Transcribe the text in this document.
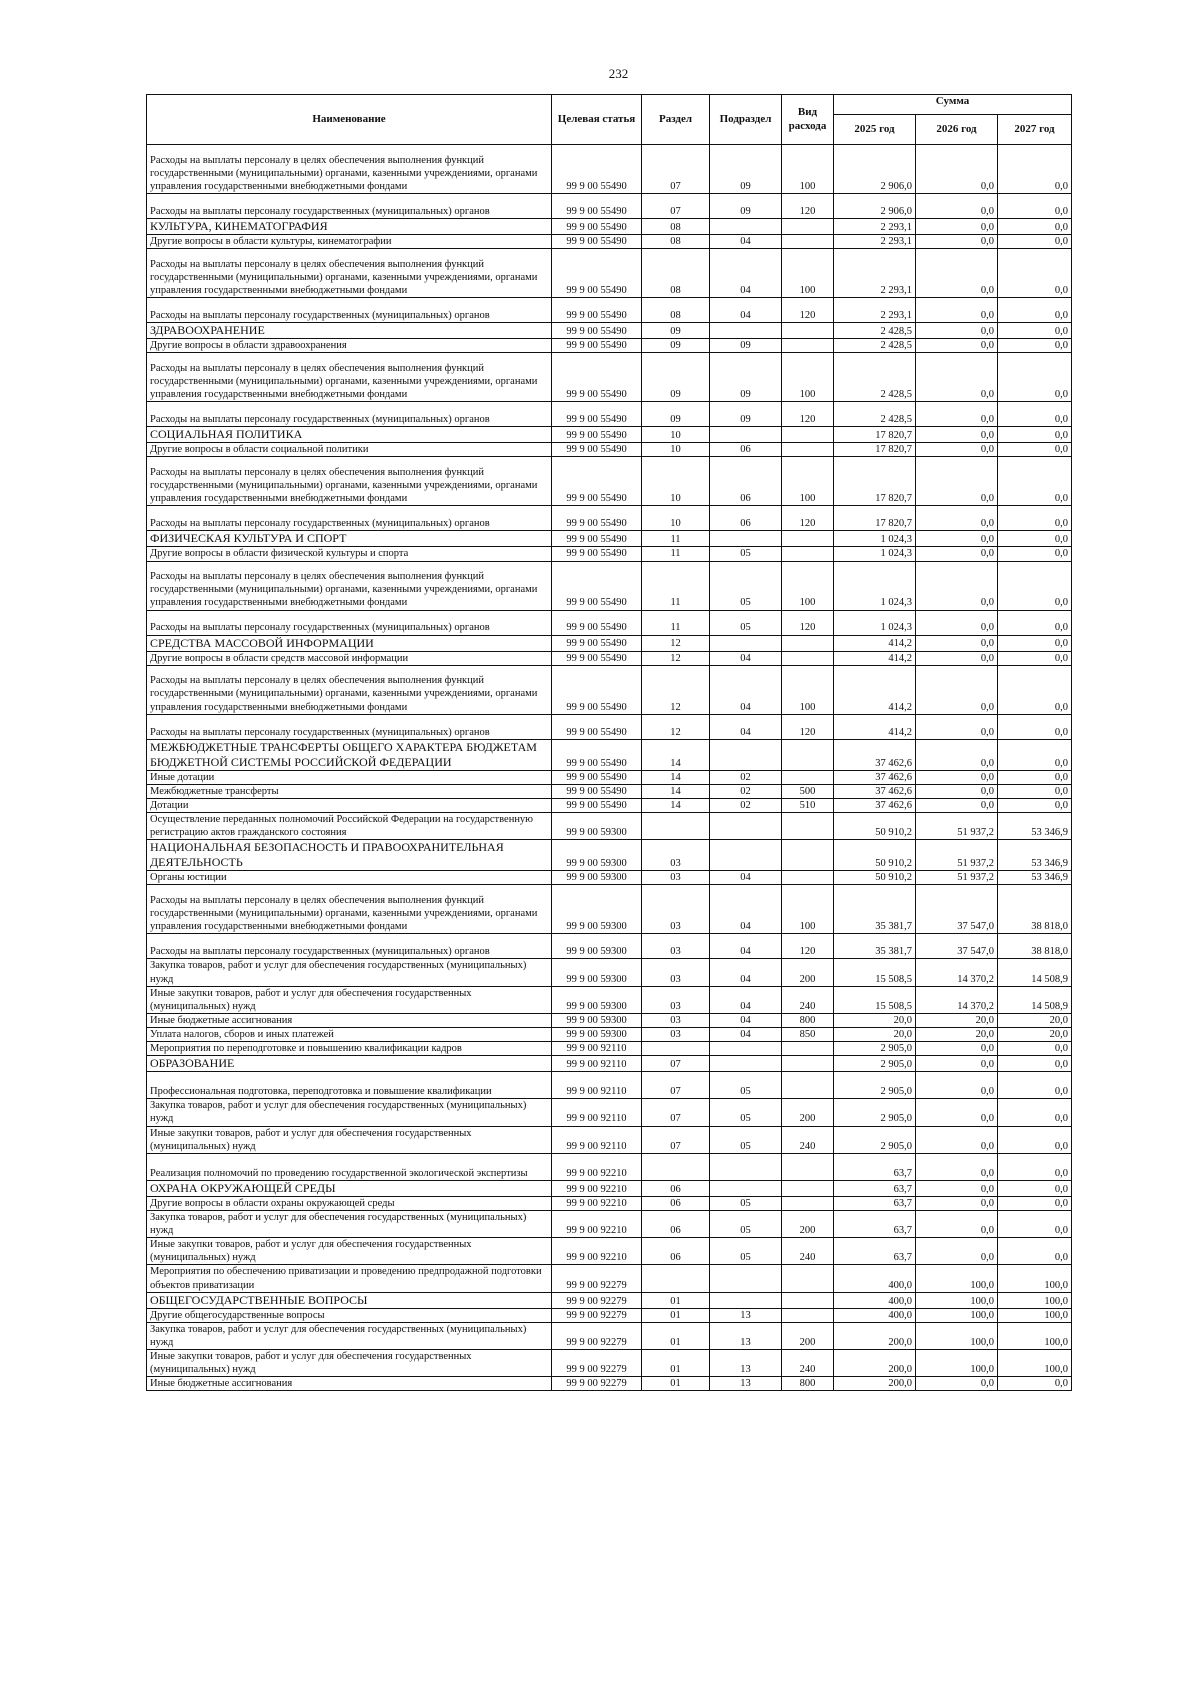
232
Наименование	Целевая статья	Раздел	Подраздел	Вид расхода	Сумма		
					2025 год	2026 год	2027 год
Расходы на выплаты персоналу в целях обеспечения выполнения функций государственными (муниципальными) органами, казенными учреждениями, органами управления государственными внебюджетными фондами	99 9 00 55490	07	09	100	2 906,0	0,0	0,0
Расходы на выплаты персоналу государственных (муниципальных) органов	99 9 00 55490	07	09	120	2 906,0	0,0	0,0
КУЛЬТУРА, КИНЕМАТОГРАФИЯ	99 9 00 55490	08			2 293,1	0,0	0,0
Другие вопросы в области культуры, кинематографии	99 9 00 55490	08	04		2 293,1	0,0	0,0
Расходы на выплаты персоналу в целях обеспечения выполнения функций государственными (муниципальными) органами, казенными учреждениями, органами управления государственными внебюджетными фондами	99 9 00 55490	08	04	100	2 293,1	0,0	0,0
Расходы на выплаты персоналу государственных (муниципальных) органов	99 9 00 55490	08	04	120	2 293,1	0,0	0,0
ЗДРАВООХРАНЕНИЕ	99 9 00 55490	09			2 428,5	0,0	0,0
Другие вопросы в области здравоохранения	99 9 00 55490	09	09		2 428,5	0,0	0,0
Расходы на выплаты персоналу в целях обеспечения выполнения функций государственными (муниципальными) органами, казенными учреждениями, органами управления государственными внебюджетными фондами	99 9 00 55490	09	09	100	2 428,5	0,0	0,0
Расходы на выплаты персоналу государственных (муниципальных) органов	99 9 00 55490	09	09	120	2 428,5	0,0	0,0
СОЦИАЛЬНАЯ ПОЛИТИКА	99 9 00 55490	10			17 820,7	0,0	0,0
Другие вопросы в области социальной политики	99 9 00 55490	10	06		17 820,7	0,0	0,0
Расходы на выплаты персоналу в целях обеспечения выполнения функций государственными (муниципальными) органами, казенными учреждениями, органами управления государственными внебюджетными фондами	99 9 00 55490	10	06	100	17 820,7	0,0	0,0
Расходы на выплаты персоналу государственных (муниципальных) органов	99 9 00 55490	10	06	120	17 820,7	0,0	0,0
ФИЗИЧЕСКАЯ КУЛЬТУРА И СПОРТ	99 9 00 55490	11			1 024,3	0,0	0,0
Другие вопросы в области физической культуры и спорта	99 9 00 55490	11	05		1 024,3	0,0	0,0
Расходы на выплаты персоналу в целях обеспечения выполнения функций государственными (муниципальными) органами, казенными учреждениями, органами управления государственными внебюджетными фондами	99 9 00 55490	11	05	100	1 024,3	0,0	0,0
Расходы на выплаты персоналу государственных (муниципальных) органов	99 9 00 55490	11	05	120	1 024,3	0,0	0,0
СРЕДСТВА МАССОВОЙ ИНФОРМАЦИИ	99 9 00 55490	12			414,2	0,0	0,0
Другие вопросы в области средств массовой информации	99 9 00 55490	12	04		414,2	0,0	0,0
Расходы на выплаты персоналу в целях обеспечения выполнения функций государственными (муниципальными) органами, казенными учреждениями, органами управления государственными внебюджетными фондами	99 9 00 55490	12	04	100	414,2	0,0	0,0
Расходы на выплаты персоналу государственных (муниципальных) органов	99 9 00 55490	12	04	120	414,2	0,0	0,0
МЕЖБЮДЖЕТНЫЕ ТРАНСФЕРТЫ ОБЩЕГО ХАРАКТЕРА БЮДЖЕТАМ БЮДЖЕТНОЙ СИСТЕМЫ РОССИЙСКОЙ ФЕДЕРАЦИИ	99 9 00 55490	14			37 462,6	0,0	0,0
Иные дотации	99 9 00 55490	14	02		37 462,6	0,0	0,0
Межбюджетные трансферты	99 9 00 55490	14	02	500	37 462,6	0,0	0,0
Дотации	99 9 00 55490	14	02	510	37 462,6	0,0	0,0
Осуществление переданных полномочий Российской Федерации на государственную регистрацию актов гражданского состояния	99 9 00 59300				50 910,2	51 937,2	53 346,9
НАЦИОНАЛЬНАЯ БЕЗОПАСНОСТЬ И ПРАВООХРАНИТЕЛЬНАЯ ДЕЯТЕЛЬНОСТЬ	99 9 00 59300	03			50 910,2	51 937,2	53 346,9
Органы юстиции	99 9 00 59300	03	04		50 910,2	51 937,2	53 346,9
Расходы на выплаты персоналу в целях обеспечения выполнения функций государственными (муниципальными) органами, казенными учреждениями, органами управления государственными внебюджетными фондами	99 9 00 59300	03	04	100	35 381,7	37 547,0	38 818,0
Расходы на выплаты персоналу государственных (муниципальных) органов	99 9 00 59300	03	04	120	35 381,7	37 547,0	38 818,0
Закупка товаров, работ и услуг для обеспечения государственных (муниципальных) нужд	99 9 00 59300	03	04	200	15 508,5	14 370,2	14 508,9
Иные закупки товаров, работ и услуг для обеспечения государственных (муниципальных) нужд	99 9 00 59300	03	04	240	15 508,5	14 370,2	14 508,9
Иные бюджетные ассигнования	99 9 00 59300	03	04	800	20,0	20,0	20,0
Уплата налогов, сборов и иных платежей	99 9 00 59300	03	04	850	20,0	20,0	20,0
Мероприятия по переподготовке и повышению квалификации кадров	99 9 00 92110				2 905,0	0,0	0,0
ОБРАЗОВАНИЕ	99 9 00 92110	07			2 905,0	0,0	0,0
Профессиональная подготовка, переподготовка и повышение квалификации	99 9 00 92110	07	05		2 905,0	0,0	0,0
Закупка товаров, работ и услуг для обеспечения государственных (муниципальных) нужд	99 9 00 92110	07	05	200	2 905,0	0,0	0,0
Иные закупки товаров, работ и услуг для обеспечения государственных (муниципальных) нужд	99 9 00 92110	07	05	240	2 905,0	0,0	0,0
Реализация полномочий по проведению государственной экологической экспертизы	99 9 00 92210				63,7	0,0	0,0
ОХРАНА ОКРУЖАЮЩЕЙ СРЕДЫ	99 9 00 92210	06			63,7	0,0	0,0
Другие вопросы в области охраны окружающей среды	99 9 00 92210	06	05		63,7	0,0	0,0
Закупка товаров, работ и услуг для обеспечения государственных (муниципальных) нужд	99 9 00 92210	06	05	200	63,7	0,0	0,0
Иные закупки товаров, работ и услуг для обеспечения государственных (муниципальных) нужд	99 9 00 92210	06	05	240	63,7	0,0	0,0
Мероприятия по обеспечению приватизации и проведению предпродажной подготовки объектов приватизации	99 9 00 92279				400,0	100,0	100,0
ОБЩЕГОСУДАРСТВЕННЫЕ ВОПРОСЫ	99 9 00 92279	01			400,0	100,0	100,0
Другие общегосударственные вопросы	99 9 00 92279	01	13		400,0	100,0	100,0
Закупка товаров, работ и услуг для обеспечения государственных (муниципальных) нужд	99 9 00 92279	01	13	200	200,0	100,0	100,0
Иные закупки товаров, работ и услуг для обеспечения государственных (муниципальных) нужд	99 9 00 92279	01	13	240	200,0	100,0	100,0
Иные бюджетные ассигнования	99 9 00 92279	01	13	800	200,0	0,0	0,0
